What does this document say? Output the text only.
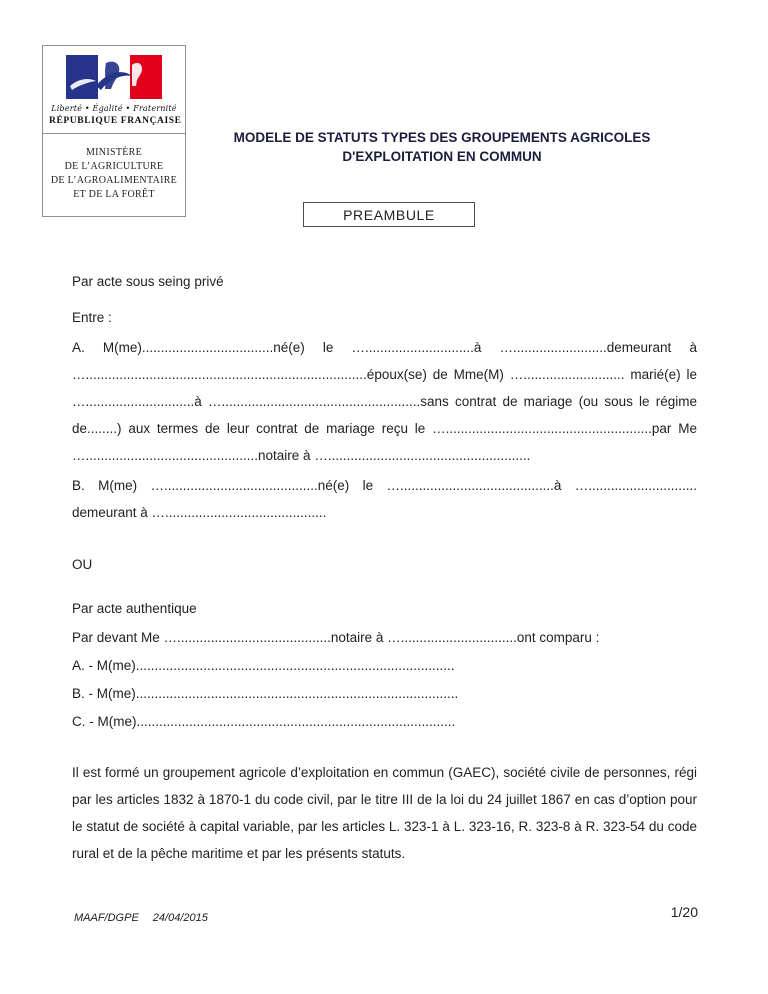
Liberté • Égalité • Fraternité
RÉPUBLIQUE FRANÇAISE
MINISTÈRE
DE L’AGRICULTURE
DE L’AGROALIMENTAIRE
ET DE LA FORÊT
MODELE DE STATUTS TYPES DES GROUPEMENTS AGRICOLES
D'EXPLOITATION EN COMMUN
PREAMBULE

Par acte sous seing privé

Entre :

A. M(me)...................................né(e) le ….............................à ….........................demeurant à …...........................................................................époux(se) de Mme(M) …........................... marié(e) le ….............................à ….....................................................sans contrat de mariage (ou sous le régime de........) aux termes de leur contrat de mariage reçu le ….......................................................par Me …..............................................notaire à …......................................................

B. M(me) ….........................................né(e) le ….........................................à …............................. demeurant à …...........................................

OU

Par acte authentique

Par devant Me ….........................................notaire à …...............................ont comparu :

A. - M(me).....................................................................................

B. - M(me)......................................................................................

C. - M(me).....................................................................................

Il est formé un groupement agricole d’exploitation en commun (GAEC), société civile de personnes, régi par les articles 1832 à 1870-1 du code civil, par le titre III de la loi du 24 juillet 1867 en cas d’option pour le statut de société à capital variable, par les articles L. 323-1 à L. 323-16, R. 323-8 à R. 323-54 du code rural et de la pêche maritime et par les présents statuts.

MAAF/DGPE 24/04/2015	1/20
